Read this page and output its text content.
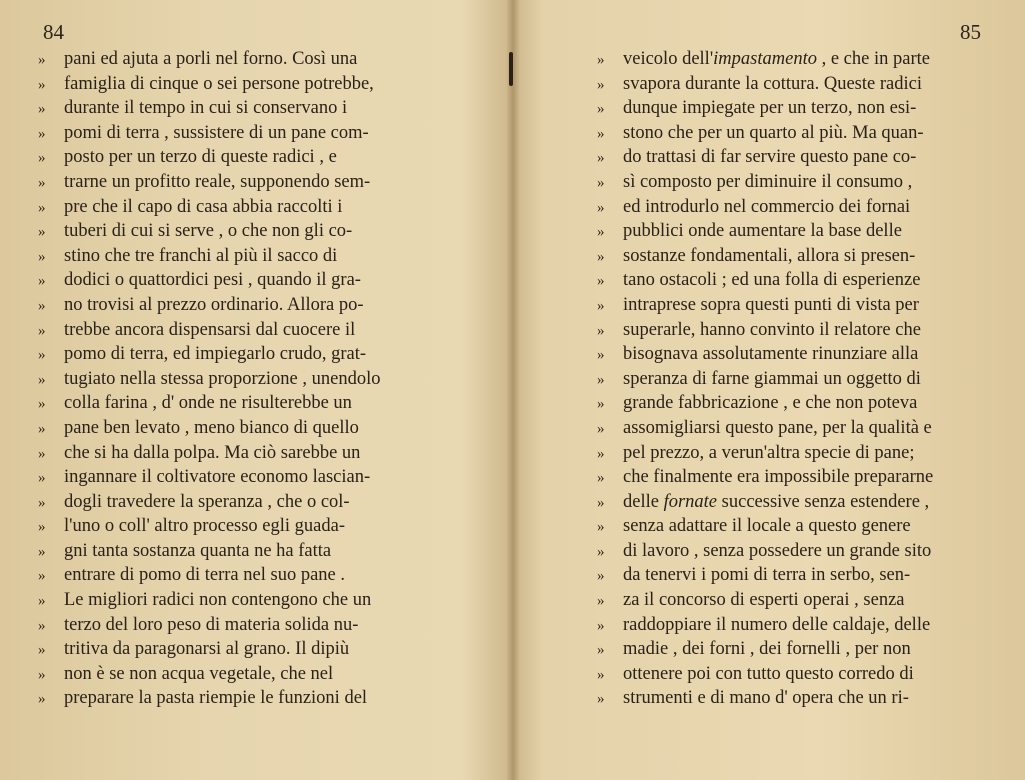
84
» pani ed ajuta a porli nel forno. Così una
» famiglia di cinque o sei persone potrebbe,
» durante il tempo in cui si conservano i
» pomi di terra , sussistere di un pane com-
» posto per un terzo di queste radici , e
» trarne un profitto reale, supponendo sem-
» pre che il capo di casa abbia raccolti i
» tuberi di cui si serve , o che non gli co-
» stino che tre franchi al più il sacco di
» dodici o quattordici pesi , quando il gra-
» no trovisi al prezzo ordinario. Allora po-
» trebbe ancora dispensarsi dal cuocere il
» pomo di terra, ed impiegarlo crudo, grat-
» tugiato nella stessa proporzione , unendolo
» colla farina , d' onde ne risulterebbe un
» pane ben levato , meno bianco di quello
» che si ha dalla polpa. Ma ciò sarebbe un
» ingannare il coltivatore economo lascian-
» dogli travedere la speranza , che o col-
» l'uno o coll' altro processo egli guada-
» gni tanta sostanza quanta ne ha fatta
» entrare di pomo di terra nel suo pane .
» Le migliori radici non contengono che un
» terzo del loro peso di materia solida nu-
» tritiva da paragonarsi al grano. Il dipiù
» non è se non acqua vegetale, che nel
» preparare la pasta riempie le funzioni del
85
» veicolo dell'impastamento , e che in parte
» svapora durante la cottura. Queste radici
» dunque impiegate per un terzo, non esi-
» stono che per un quarto al più. Ma quan-
» do trattasi di far servire questo pane co-
» sì composto per diminuire il consumo ,
» ed introdurlo nel commercio dei fornai
» pubblici onde aumentare la base delle
» sostanze fondamentali, allora si presen-
» tano ostacoli ; ed una folla di esperienze
» intraprese sopra questi punti di vista per
» superarle, hanno convinto il relatore che
» bisognava assolutamente rinunziare alla
» speranza di farne giammai un oggetto di
» grande fabbricazione , e che non poteva
» assomigliarsi questo pane, per la qualità e
» pel prezzo, a verun'altra specie di pane;
» che finalmente era impossibile prepararne
» delle fornate successive senza estendere ,
» senza adattare il locale a questo genere
» di lavoro , senza possedere un grande sito
» da tenervi i pomi di terra in serbo, sen-
» za il concorso di esperti operai , senza
» raddoppiare il numero delle caldaje, delle
» madie , dei forni , dei fornelli , per non
» ottenere poi con tutto questo corredo di
» strumenti e di mano d' opera che un ri-
